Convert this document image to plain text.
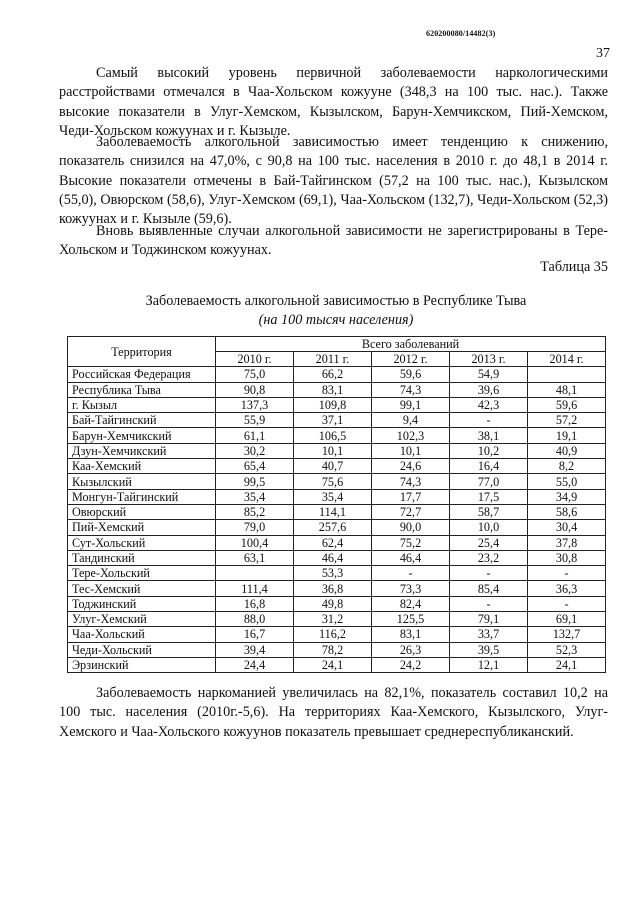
620200080/14482(3)
37

Самый высокий уровень первичной заболеваемости наркологическими расстройствами отмечался в Чаа-Хольском кожууне (348,3 на 100 тыс. нас.). Также высокие показатели в Улуг-Хемском, Кызылском, Барун-Хемчикском, Пий-Хемском, Чеди-Хольском кожуунах и г. Кызыле.

Заболеваемость алкогольной зависимостью имеет тенденцию к снижению, показатель снизился на 47,0%, с 90,8 на 100 тыс. населения в 2010 г. до 48,1 в 2014 г. Высокие показатели отмечены в Бай-Тайгинском (57,2 на 100 тыс. нас.), Кызылском (55,0), Овюрском (58,6), Улуг-Хемском (69,1), Чаа-Хольском (132,7), Чеди-Хольском (52,3) кожуунах и г. Кызыле (59,6).

Вновь выявленные случаи алкогольной зависимости не зарегистрированы в Тере-Хольском и Тоджинском кожуунах.

Таблица 35
Заболеваемость алкогольной зависимостью в Республике Тыва
(на 100 тысяч населения)
Территория	Всего заболеваний				
	2010 г.	2011 г.	2012 г.	2013 г.	2014 г.
Российская Федерация	75,0	66,2	59,6	54,9	
Республика Тыва	90,8	83,1	74,3	39,6	48,1
г. Кызыл	137,3	109,8	99,1	42,3	59,6
Бай-Тайгинский	55,9	37,1	9,4	-	57,2
Барун-Хемчикский	61,1	106,5	102,3	38,1	19,1
Дзун-Хемчикский	30,2	10,1	10,1	10,2	40,9
Каа-Хемский	65,4	40,7	24,6	16,4	8,2
Кызылский	99,5	75,6	74,3	77,0	55,0
Монгун-Тайгинский	35,4	35,4	17,7	17,5	34,9
Овюрский	85,2	114,1	72,7	58,7	58,6
Пий-Хемский	79,0	257,6	90,0	10,0	30,4
Сут-Хольский	100,4	62,4	75,2	25,4	37,8
Тандинский	63,1	46,4	46,4	23,2	30,8
Тере-Хольский		53,3	-	-	-
Тес-Хемский	111,4	36,8	73,3	85,4	36,3
Тоджинский	16,8	49,8	82,4	-	-
Улуг-Хемский	88,0	31,2	125,5	79,1	69,1
Чаа-Хольский	16,7	116,2	83,1	33,7	132,7
Чеди-Хольский	39,4	78,2	26,3	39,5	52,3
Эрзинский	24,4	24,1	24,2	12,1	24,1

Заболеваемость наркоманией увеличилась на 82,1%, показатель составил 10,2 на 100 тыс. населения (2010г.-5,6). На территориях Каа-Хемского, Кызылского, Улуг-Хемского и Чаа-Хольского кожуунов показатель превышает среднереспубликанский.
